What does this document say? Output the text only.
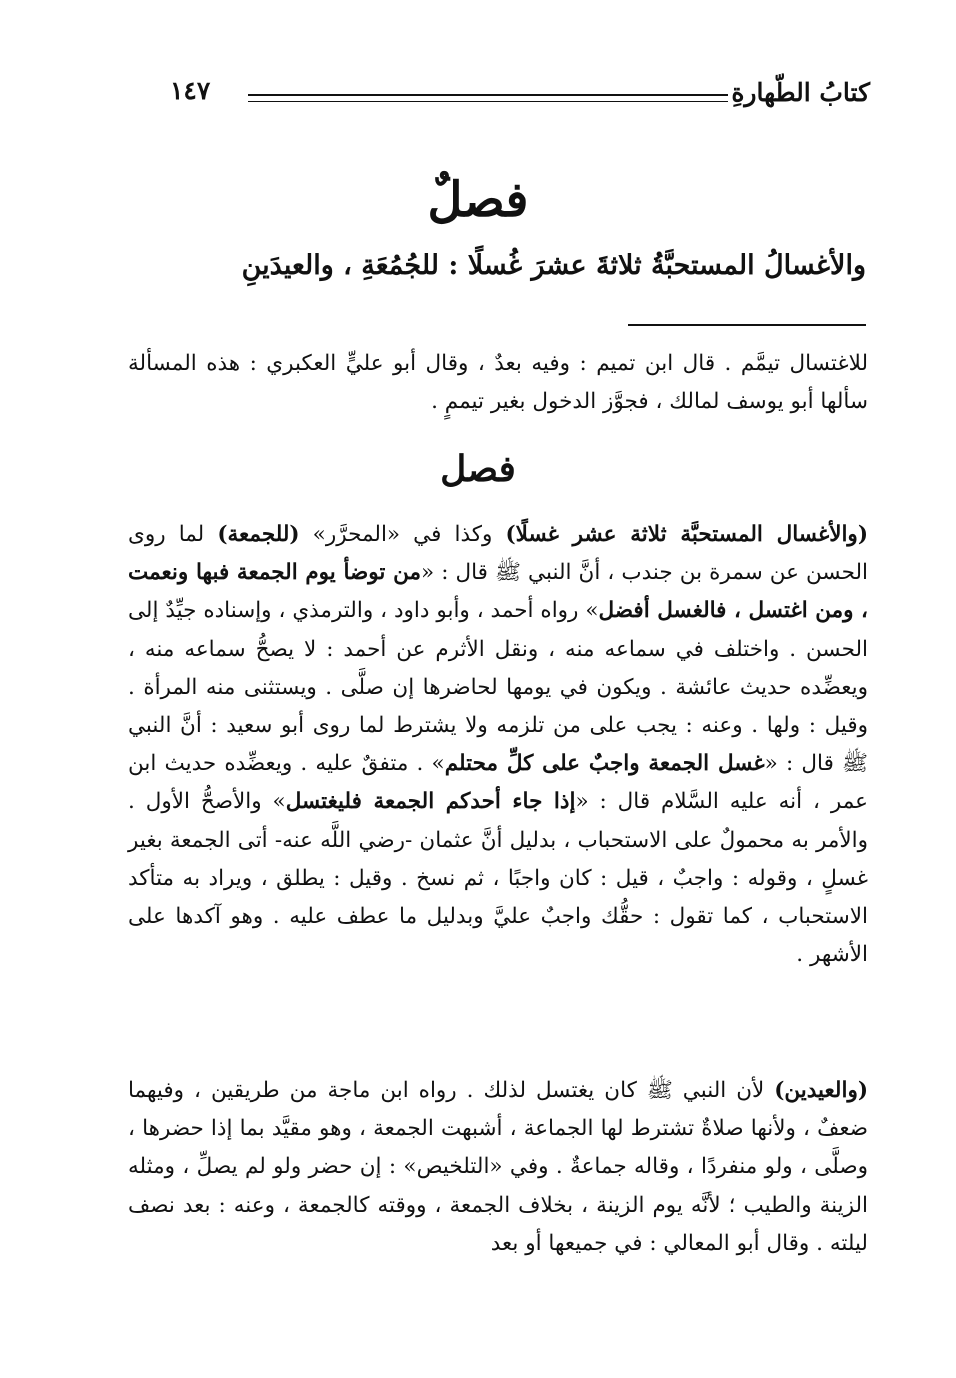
كتابُ الطّهارةِ
١٤٧
فصلٌ
والأغسالُ المستحبَّةُ ثلاثةَ عشرَ غُسلًا : للجُمُعَةِ ، والعيدَينِ
للاغتسال تيمَّم . قال ابن تميم : وفيه بعدٌ ، وقال أبو عليٍّ العكبري : هذه المسألة سألها أبو يوسف لمالك ، فجوَّز الدخول بغير تيممٍ .
فصل
(والأغسال المستحبَّة ثلاثة عشر غسلًا) وكذا في «المحرَّر» (للجمعة) لما روى الحسن عن سمرة بن جندب ، أنَّ النبي ﷺ قال : «من توضأ يوم الجمعة فبها ونعمت ، ومن اغتسل ، فالغسل أفضل» رواه أحمد ، وأبو داود ، والترمذي ، وإسناده جيِّدٌ إلى الحسن . واختلف في سماعه منه ، ونقل الأثرم عن أحمد : لا يصحُّ سماعه منه ، ويعضِّده حديث عائشة . ويكون في يومها لحاضرها إن صلَّى . ويستثنى منه المرأة . وقيل : ولها . وعنه : يجب على من تلزمه ولا يشترط لما روى أبو سعيد : أنَّ النبي ﷺ قال : «غسل الجمعة واجبٌ على كلِّ محتلم» . متفقٌ عليه . ويعضِّده حديث ابن عمر ، أنه عليه السَّلام قال : «إذا جاء أحدكم الجمعة فليغتسل» والأصحُّ الأول . والأمر به محمولٌ على الاستحباب ، بدليل أنَّ عثمان -رضي اللَّه عنه- أتى الجمعة بغير غسلٍ ، وقوله : واجبٌ ، قيل : كان واجبًا ، ثم نسخ . وقيل : يطلق ، ويراد به متأكد الاستحباب ، كما تقول : حقُّك واجبٌ عليَّ وبدليل ما عطف عليه . وهو آكدها على الأشهر .
(والعيدين) لأن النبي ﷺ كان يغتسل لذلك . رواه ابن ماجة من طريقين ، وفيهما ضعفٌ ، ولأنها صلاةٌ تشترط لها الجماعة ، أشبهت الجمعة ، وهو مقيَّد بما إذا حضرها ، وصلَّى ، ولو منفردًا ، وقاله جماعةٌ . وفي «التلخيص» : إن حضر ولو لم يصلِّ ، ومثله الزينة والطيب ؛ لأنَّه يوم الزينة ، بخلاف الجمعة ، ووقته كالجمعة ، وعنه : بعد نصف ليلته . وقال أبو المعالي : في جميعها أو بعد
